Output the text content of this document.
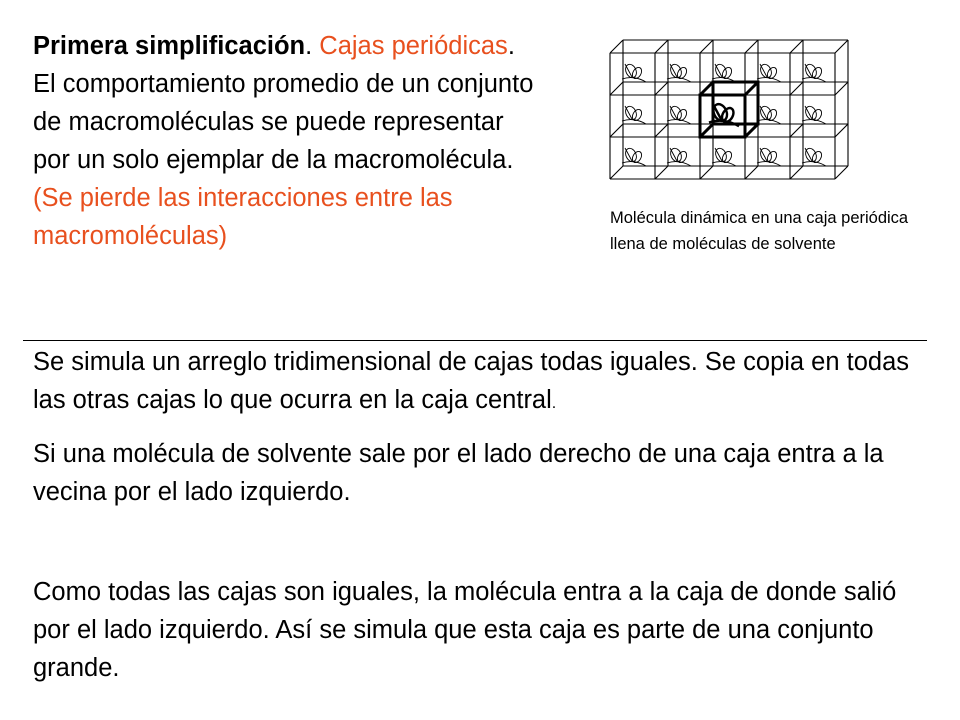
Primera simplificación. Cajas periódicas.
El comportamiento promedio de un conjunto de macromoléculas se puede representar por un solo ejemplar de la macromolécula. (Se pierde las interacciones entre las macromoléculas)
Molécula dinámica en una caja periódica llena de moléculas de solvente

Se simula un arreglo tridimensional de cajas todas iguales. Se copia en todas las otras cajas lo que ocurra en la caja central.

Si una molécula de solvente sale por el lado derecho de una caja entra a la vecina por el lado izquierdo.

Como todas las cajas son iguales, la molécula entra a la caja de donde salió por el lado izquierdo. Así se simula que esta caja es parte de una conjunto grande.
